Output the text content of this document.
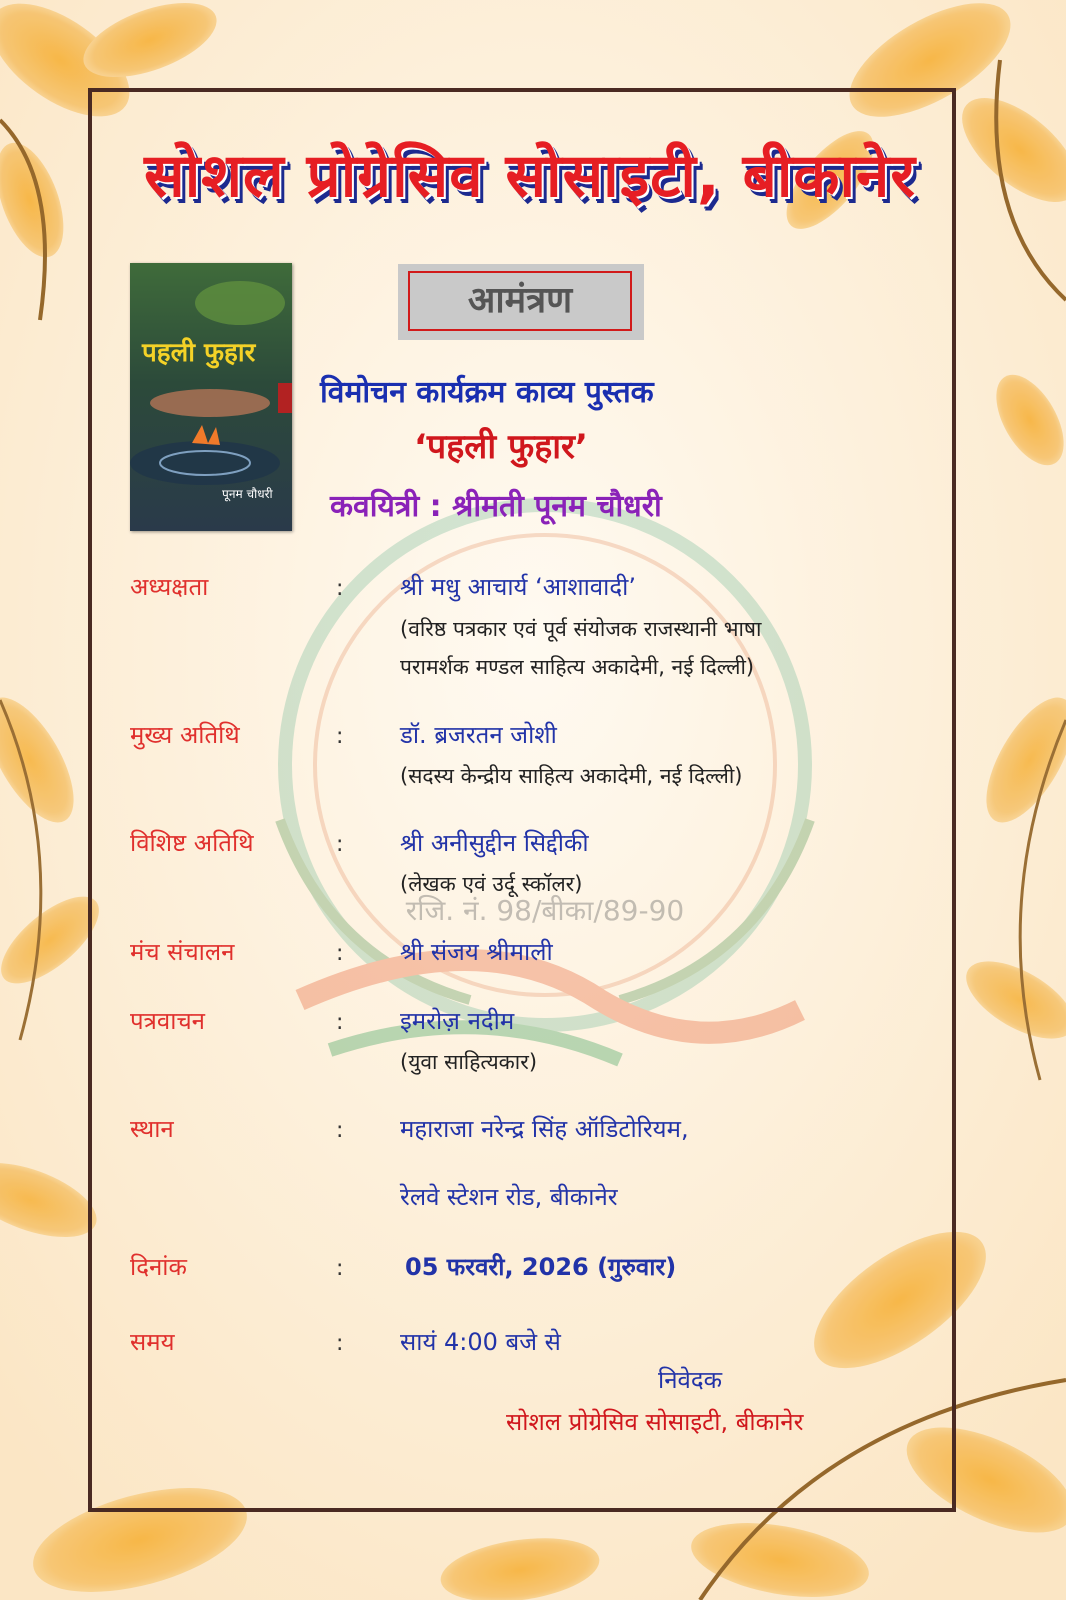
रजि. नं. 98/बीका/89-90
सोशल प्रोग्रेसिव सोसाइटी, बीकानेर
पहली फुहार
पूनम चौधरी
आमंत्रण
विमोचन कार्यक्रम काव्य पुस्तक
‘पहली फुहार’
कवयित्री : श्रीमती पूनम चौधरी
अध्यक्षता	: श्री मधु आचार्य ‘आशावादी’
(वरिष्ठ पत्रकार एवं पूर्व संयोजक राजस्थानी भाषा
परामर्शक मण्डल साहित्य अकादेमी, नई दिल्ली)
मुख्य अतिथि	: डॉ. ब्रजरतन जोशी
(सदस्य केन्द्रीय साहित्य अकादेमी, नई दिल्ली)
विशिष्ट अतिथि	: श्री अनीसुद्दीन सिद्दीकी
(लेखक एवं उर्दू स्कॉलर)
मंच संचालन	: श्री संजय श्रीमाली
पत्रवाचन	: इमरोज़ नदीम
(युवा साहित्यकार)
स्थान	: महाराजा नरेन्द्र सिंह ऑडिटोरियम,
रेलवे स्टेशन रोड, बीकानेर
दिनांक	:	05 फरवरी, 2026 (गुरुवार)
समय	: सायं 4:00 बजे से
निवेदक
सोशल प्रोग्रेसिव सोसाइटी, बीकानेर
